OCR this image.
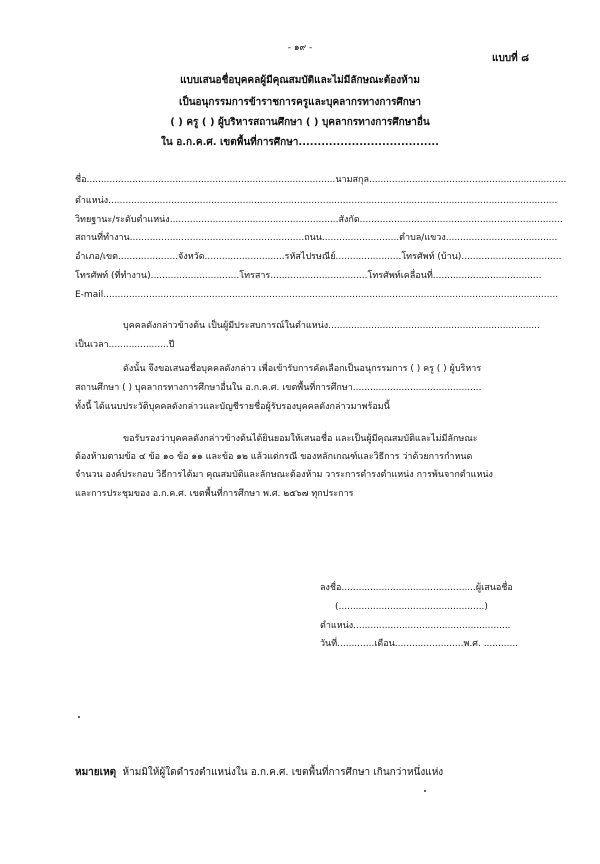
- ๑๙ -
แบบที่ ๘
แบบเสนอชื่อบุคคลผู้มีคุณสมบัติและไม่มีลักษณะต้องห้าม
เป็นอนุกรรมการข้าราชการครูและบุคลากรทางการศึกษา
( ) ครู ( ) ผู้บริหารสถานศึกษา ( ) บุคลากรทางการศึกษาอื่น
ใน อ.ก.ค.ศ. เขตพื้นที่การศึกษา.....................................
ชื่อ.......................................................................................นามสกุล.....................................................................
ตำแหน่ง.............................................................................................................................................................
วิทยฐานะ/ระดับตำแหน่ง...........................................................สังกัด.......................................................................
สถานที่ทำงาน.............................................................ถนน...........................ตำบล/แขวง.......................................
อำเภอ/เขต.....................จังหวัด............................รหัสไปรษณีย์.......................โทรศัพท์ (บ้าน)...................................
โทรศัพท์ (ที่ทำงาน)...............................โทรสาร..................................โทรศัพท์เคลื่อนที่......................................
E-mail...............................................................................................................................................................
บุคคลดังกล่าวข้างต้น เป็นผู้มีประสบการณ์ในตำแหน่ง..........................................................................
เป็นเวลา.....................ปี
ดังนั้น จึงขอเสนอชื่อบุคคลดังกล่าว เพื่อเข้ารับการคัดเลือกเป็นอนุกรรมการ ( ) ครู ( ) ผู้บริหาร
สถานศึกษา ( ) บุคลากรทางการศึกษาอื่นใน อ.ก.ค.ศ. เขตพื้นที่การศึกษา.............................................
ทั้งนี้ ได้แนบประวัติบุคคลดังกล่าวและบัญชีรายชื่อผู้รับรองบุคคลดังกล่าวมาพร้อมนี้
ขอรับรองว่าบุคคลดังกล่าวข้างต้นได้ยินยอมให้เสนอชื่อ และเป็นผู้มีคุณสมบัติและไม่มีลักษณะ
ต้องห้ามตามข้อ ๔ ข้อ ๑๐ ข้อ ๑๑ และข้อ ๑๒ แล้วแต่กรณี ของหลักเกณฑ์และวิธีการ ว่าด้วยการกำหนด
จำนวน องค์ประกอบ วิธีการได้มา คุณสมบัติและลักษณะต้องห้าม วาระการดำรงตำแหน่ง การพ้นจากตำแหน่ง
และการประชุมของ อ.ก.ค.ศ. เขตพื้นที่การศึกษา พ.ศ. ๒๕๖๗ ทุกประการ
ลงชื่อ...............................................ผู้เสนอชื่อ
(...................................................)
ตำแหน่ง.......................................................
วันที่.............เดือน........................พ.ศ. ............
หมายเหตุ ห้ามมิให้ผู้ใดดำรงตำแหน่งใน อ.ก.ค.ศ. เขตพื้นที่การศึกษา เกินกว่าหนึ่งแห่ง
